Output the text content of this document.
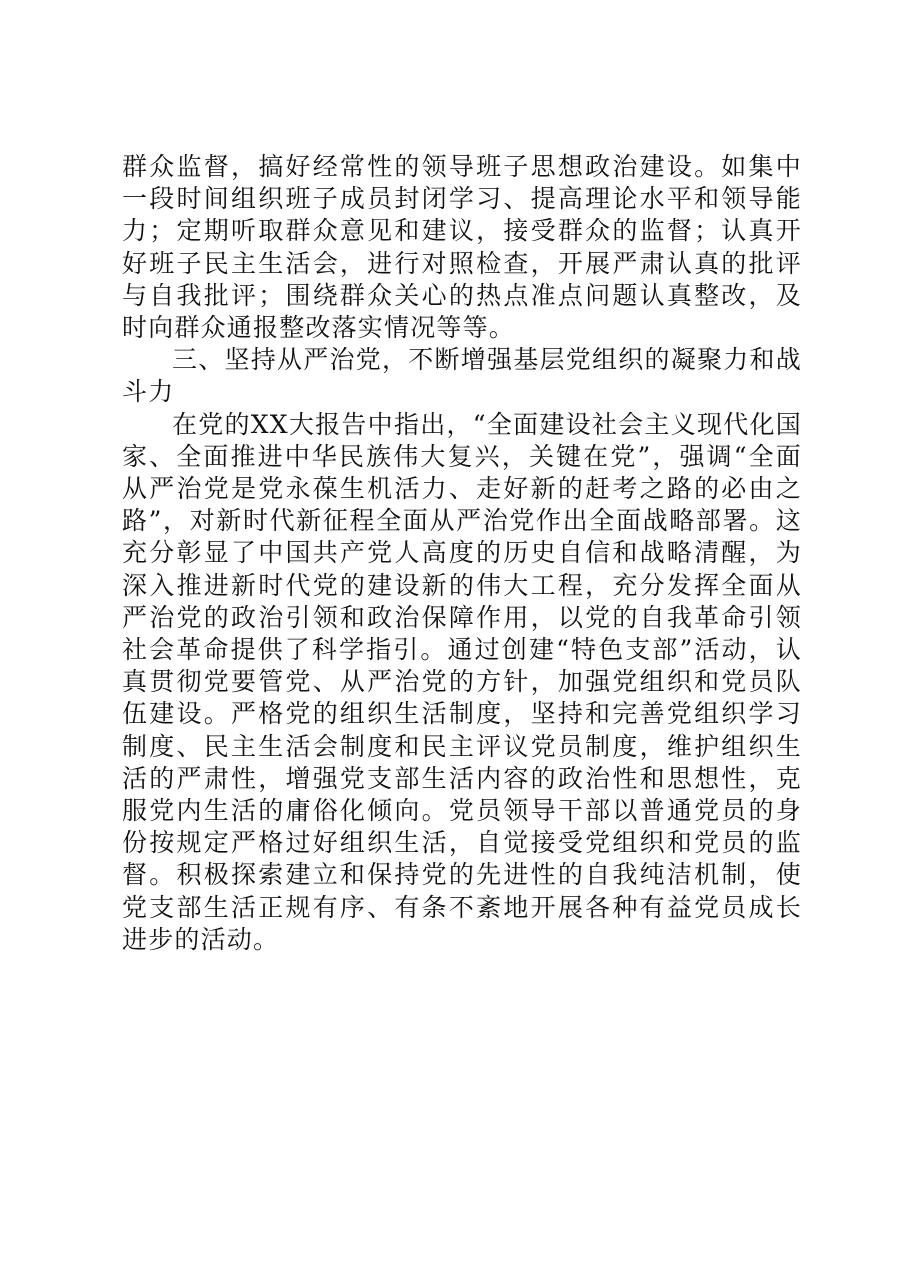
群众监督，搞好经常性的领导班子思想政治建设。如集中一段时间组织班子成员封闭学习、提高理论水平和领导能力；定期听取群众意见和建议，接受群众的监督；认真开好班子民主生活会，进行对照检查，开展严肃认真的批评与自我批评；围绕群众关心的热点准点问题认真整改，及时向群众通报整改落实情况等等。

三、坚持从严治党，不断增强基层党组织的凝聚力和战斗力

在党的XX大报告中指出，“全面建设社会主义现代化国家、全面推进中华民族伟大复兴，关键在党”，强调“全面从严治党是党永葆生机活力、走好新的赶考之路的必由之路”，对新时代新征程全面从严治党作出全面战略部署。这充分彰显了中国共产党人高度的历史自信和战略清醒，为深入推进新时代党的建设新的伟大工程，充分发挥全面从严治党的政治引领和政治保障作用，以党的自我革命引领社会革命提供了科学指引。通过创建“特色支部”活动，认真贯彻党要管党、从严治党的方针，加强党组织和党员队伍建设。严格党的组织生活制度，坚持和完善党组织学习制度、民主生活会制度和民主评议党员制度，维护组织生活的严肃性，增强党支部生活内容的政治性和思想性，克服党内生活的庸俗化倾向。党员领导干部以普通党员的身份按规定严格过好组织生活，自觉接受党组织和党员的监督。积极探索建立和保持党的先进性的自我纯洁机制，使党支部生活正规有序、有条不紊地开展各种有益党员成长进步的活动。
